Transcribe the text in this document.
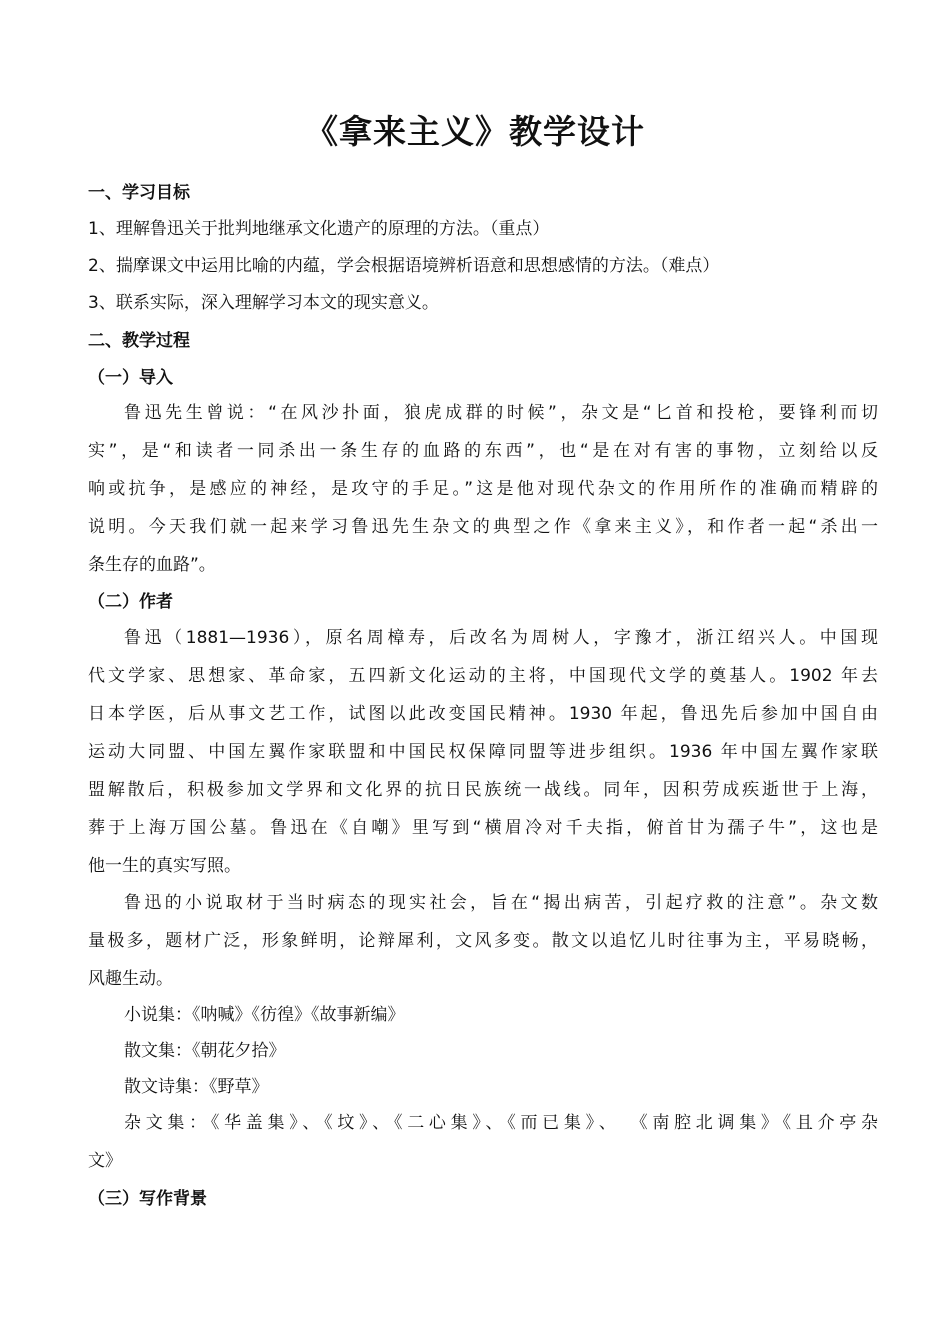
《拿来主义》教学设计
一、学习目标
1、理解鲁迅关于批判地继承文化遗产的原理的方法。（重点）
2、揣摩课文中运用比喻的内蕴，学会根据语境辨析语意和思想感情的方法。（难点）
3、联系实际，深入理解学习本文的现实意义。
二、教学过程
（一）导入
鲁迅先生曾说：“在风沙扑面，狼虎成群的时候”，杂文是“匕首和投枪，要锋利而切
实”，是“和读者一同杀出一条生存的血路的东西”，也“是在对有害的事物，立刻给以反
响或抗争，是感应的神经，是攻守的手足。”这是他对现代杂文的作用所作的准确而精辟的
说明。今天我们就一起来学习鲁迅先生杂文的典型之作《拿来主义》，和作者一起“杀出一
条生存的血路”。
（二）作者
鲁迅（1881—1936），原名周樟寿，后改名为周树人，字豫才，浙江绍兴人。中国现
代文学家、思想家、革命家，五四新文化运动的主将，中国现代文学的奠基人。1902 年去
日本学医，后从事文艺工作，试图以此改变国民精神。1930 年起，鲁迅先后参加中国自由
运动大同盟、中国左翼作家联盟和中国民权保障同盟等进步组织。1936 年中国左翼作家联
盟解散后，积极参加文学界和文化界的抗日民族统一战线。同年，因积劳成疾逝世于上海，
葬于上海万国公墓。鲁迅在《自嘲》里写到“横眉冷对千夫指，俯首甘为孺子牛”，这也是
他一生的真实写照。
鲁迅的小说取材于当时病态的现实社会，旨在“揭出病苦，引起疗救的注意”。杂文数
量极多，题材广泛，形象鲜明，论辩犀利，文风多变。散文以追忆儿时往事为主，平易晓畅，
风趣生动。
小说集：《呐喊》《彷徨》《故事新编》
散文集：《朝花夕拾》
散文诗集：《野草》
杂文集：《华盖集》、《坟》、《二心集》、《而已集》、 《南腔北调集》《且介亭杂
文》
（三）写作背景
